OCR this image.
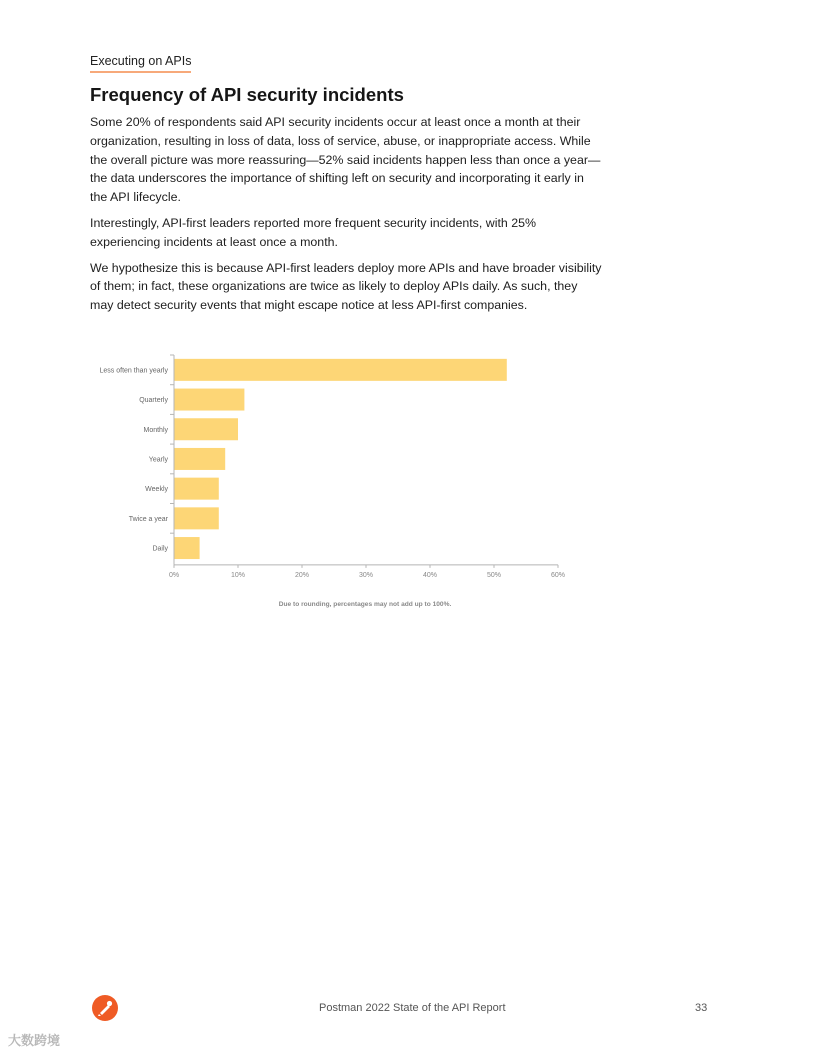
Executing on APIs
Frequency of API security incidents

Some 20% of respondents said API security incidents occur at least once a month at their organization, resulting in loss of data, loss of service, abuse, or inappropriate access. While the overall picture was more reassuring—52% said incidents happen less than once a year—the data underscores the importance of shifting left on security and incorporating it early in the API lifecycle.

Interestingly, API-first leaders reported more frequent security incidents, with 25% experiencing incidents at least once a month.

We hypothesize this is because API-first leaders deploy more APIs and have broader visibility of them; in fact, these organizations are twice as likely to deploy APIs daily. As such, they may detect security events that might escape notice at less API-first companies.

Less often than yearly
Quarterly
Monthly
Yearly
Weekly
Twice a year
Daily
0%	10%	20%	30%	40%	50%	60%
Due to rounding, percentages may not add up to 100%.
Postman 2022 State of the API Report	33
大数跨境
